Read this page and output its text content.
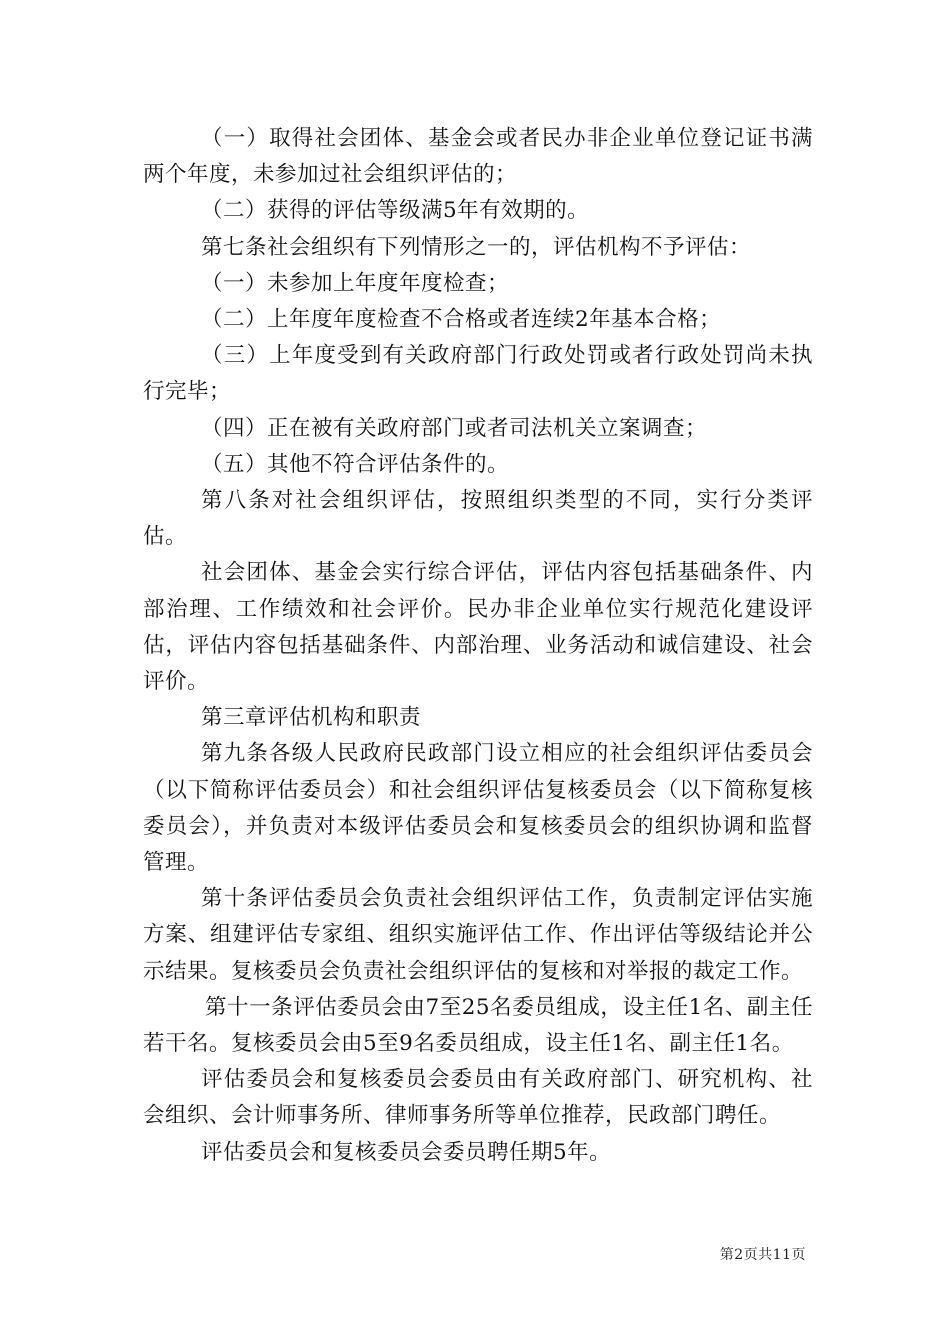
（一）取得社会团体、基金会或者民办非企业单位登记证书满两个年度，未参加过社会组织评估的；

（二）获得的评估等级满5年有效期的。

第七条社会组织有下列情形之一的，评估机构不予评估：

（一）未参加上年度年度检查；

（二）上年度年度检查不合格或者连续2年基本合格；

（三）上年度受到有关政府部门行政处罚或者行政处罚尚未执行完毕；

（四）正在被有关政府部门或者司法机关立案调查；

（五）其他不符合评估条件的。

第八条对社会组织评估，按照组织类型的不同，实行分类评估。

社会团体、基金会实行综合评估，评估内容包括基础条件、内部治理、工作绩效和社会评价。民办非企业单位实行规范化建设评估，评估内容包括基础条件、内部治理、业务活动和诚信建设、社会评价。

第三章评估机构和职责

第九条各级人民政府民政部门设立相应的社会组织评估委员会（以下简称评估委员会）和社会组织评估复核委员会（以下简称复核委员会），并负责对本级评估委员会和复核委员会的组织协调和监督管理。

第十条评估委员会负责社会组织评估工作，负责制定评估实施方案、组建评估专家组、组织实施评估工作、作出评估等级结论并公示结果。复核委员会负责社会组织评估的复核和对举报的裁定工作。

第十一条评估委员会由7至25名委员组成，设主任1名、副主任若干名。复核委员会由5至9名委员组成，设主任1名、副主任1名。

评估委员会和复核委员会委员由有关政府部门、研究机构、社会组织、会计师事务所、律师事务所等单位推荐，民政部门聘任。

评估委员会和复核委员会委员聘任期5年。

第2页共11页
